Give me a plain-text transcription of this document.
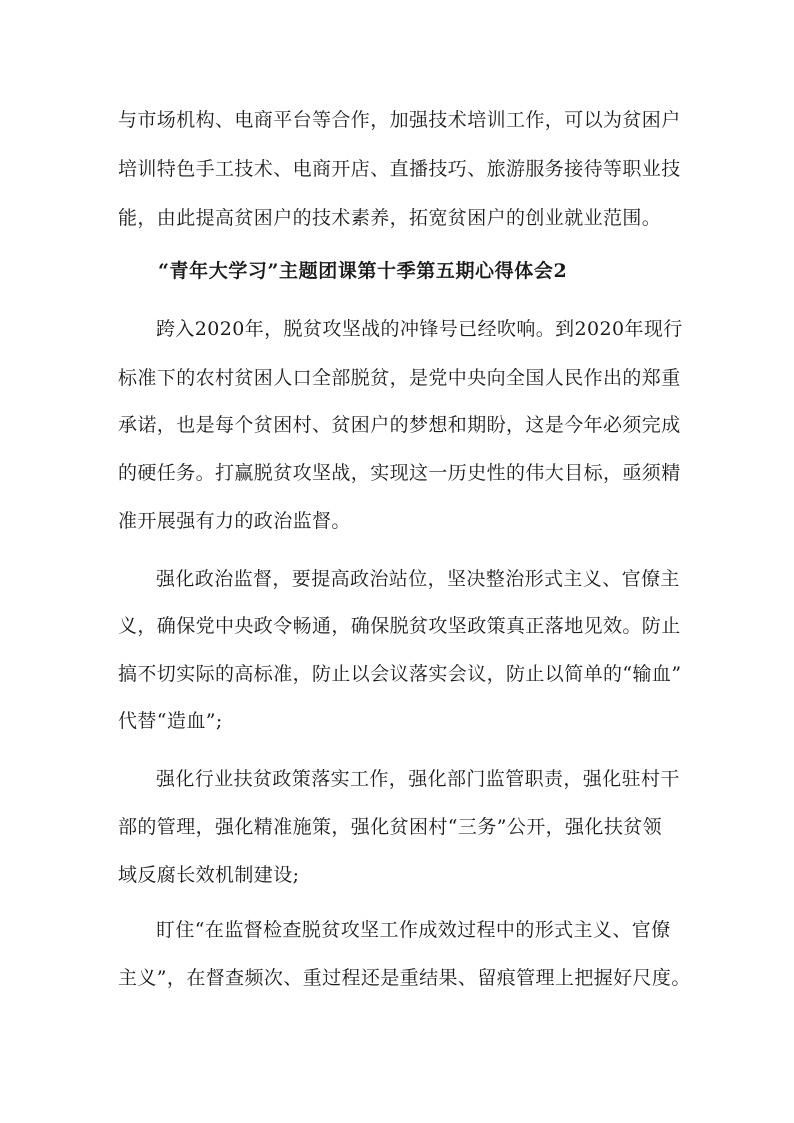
与市场机构、电商平台等合作，加强技术培训工作，可以为贫困户
培训特色手工技术、电商开店、直播技巧、旅游服务接待等职业技
能，由此提高贫困户的技术素养，拓宽贫困户的创业就业范围。
“青年大学习”主题团课第十季第五期心得体会2
跨入2020年，脱贫攻坚战的冲锋号已经吹响。到2020年现行
标准下的农村贫困人口全部脱贫，是党中央向全国人民作出的郑重
承诺，也是每个贫困村、贫困户的梦想和期盼，这是今年必须完成
的硬任务。打赢脱贫攻坚战，实现这一历史性的伟大目标，亟须精
准开展强有力的政治监督。
强化政治监督，要提高政治站位，坚决整治形式主义、官僚主
义，确保党中央政令畅通，确保脱贫攻坚政策真正落地见效。防止
搞不切实际的高标准，防止以会议落实会议，防止以简单的“输血”
代替“造血”;
强化行业扶贫政策落实工作，强化部门监管职责，强化驻村干
部的管理，强化精准施策，强化贫困村“三务”公开，强化扶贫领
域反腐长效机制建设;
盯住“在监督检查脱贫攻坚工作成效过程中的形式主义、官僚
主义”，在督查频次、重过程还是重结果、留痕管理上把握好尺度。
